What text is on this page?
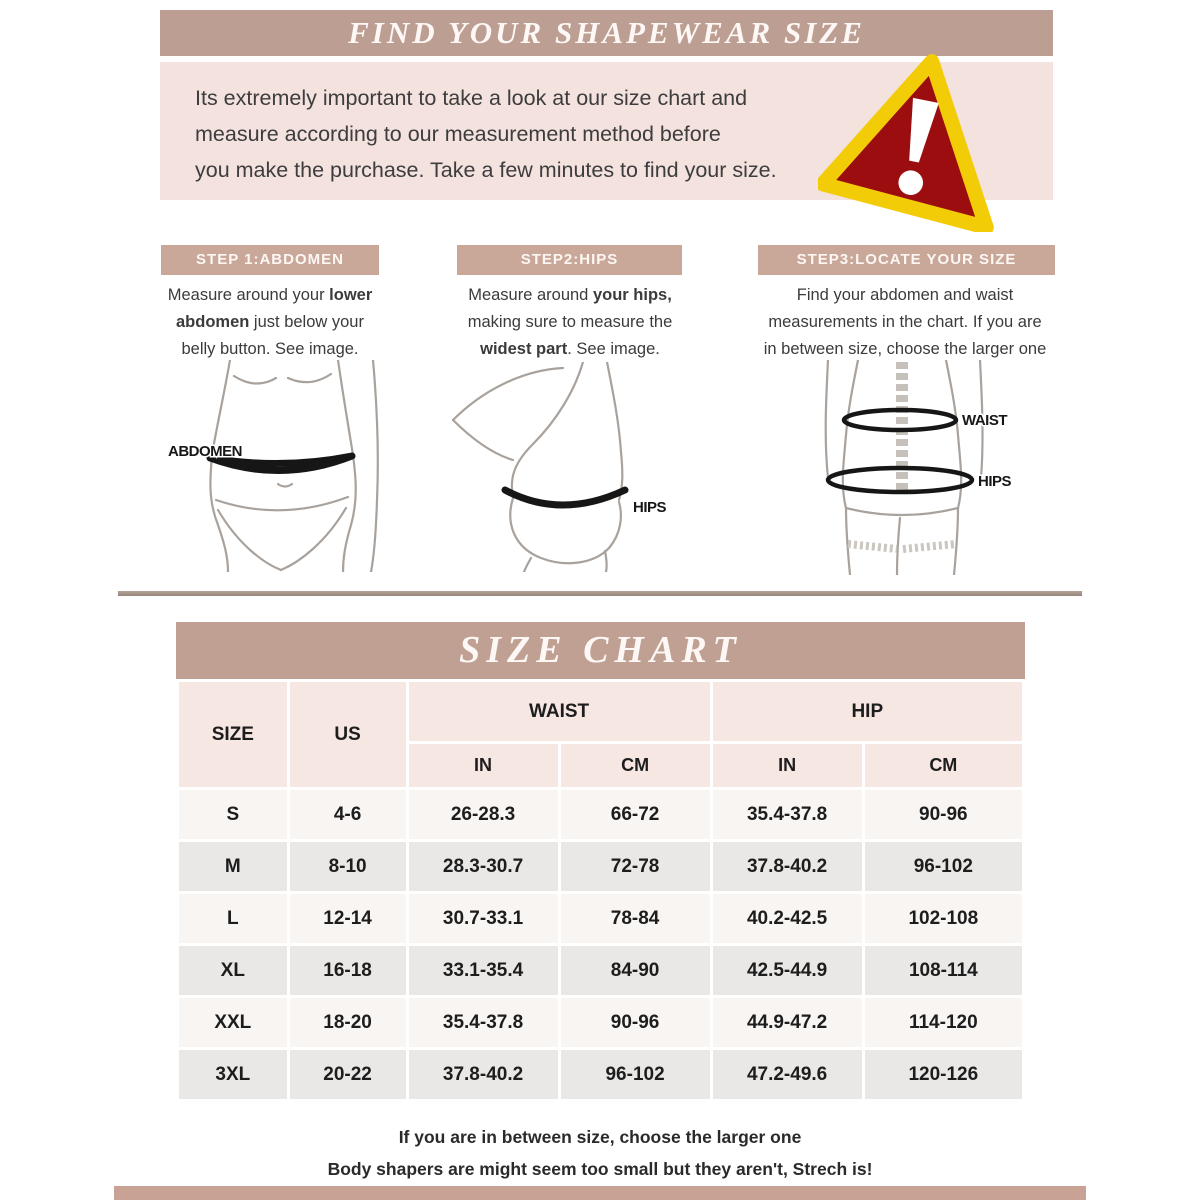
FIND YOUR SHAPEWEAR SIZE
Its extremely important to take a look at our size chart and
measure according to our measurement method before
you make the purchase. Take a few minutes to find your size.
STEP 1:ABDOMEN	STEP2:HIPS	STEP3:LOCATE YOUR SIZE
Measure around your lower
abdomen just below your
belly button. See image.
Measure around your hips,
making sure to measure the
widest part. See image.
Find your abdomen and waist
measurements in the chart. If you are
in between size, choose the larger one
ABDOMEN
HIPS
WAIST
HIPS
SIZE CHART
SIZE	US	WAIST		HIP	
		IN	CM	IN	CM
S	4-6	26-28.3	66-72	35.4-37.8	90-96
M	8-10	28.3-30.7	72-78	37.8-40.2	96-102
L	12-14	30.7-33.1	78-84	40.2-42.5	102-108
XL	16-18	33.1-35.4	84-90	42.5-44.9	108-114
XXL	18-20	35.4-37.8	90-96	44.9-47.2	114-120
3XL	20-22	37.8-40.2	96-102	47.2-49.6	120-126
If you are in between size, choose the larger one
Body shapers are might seem too small but they aren't, Strech is!
